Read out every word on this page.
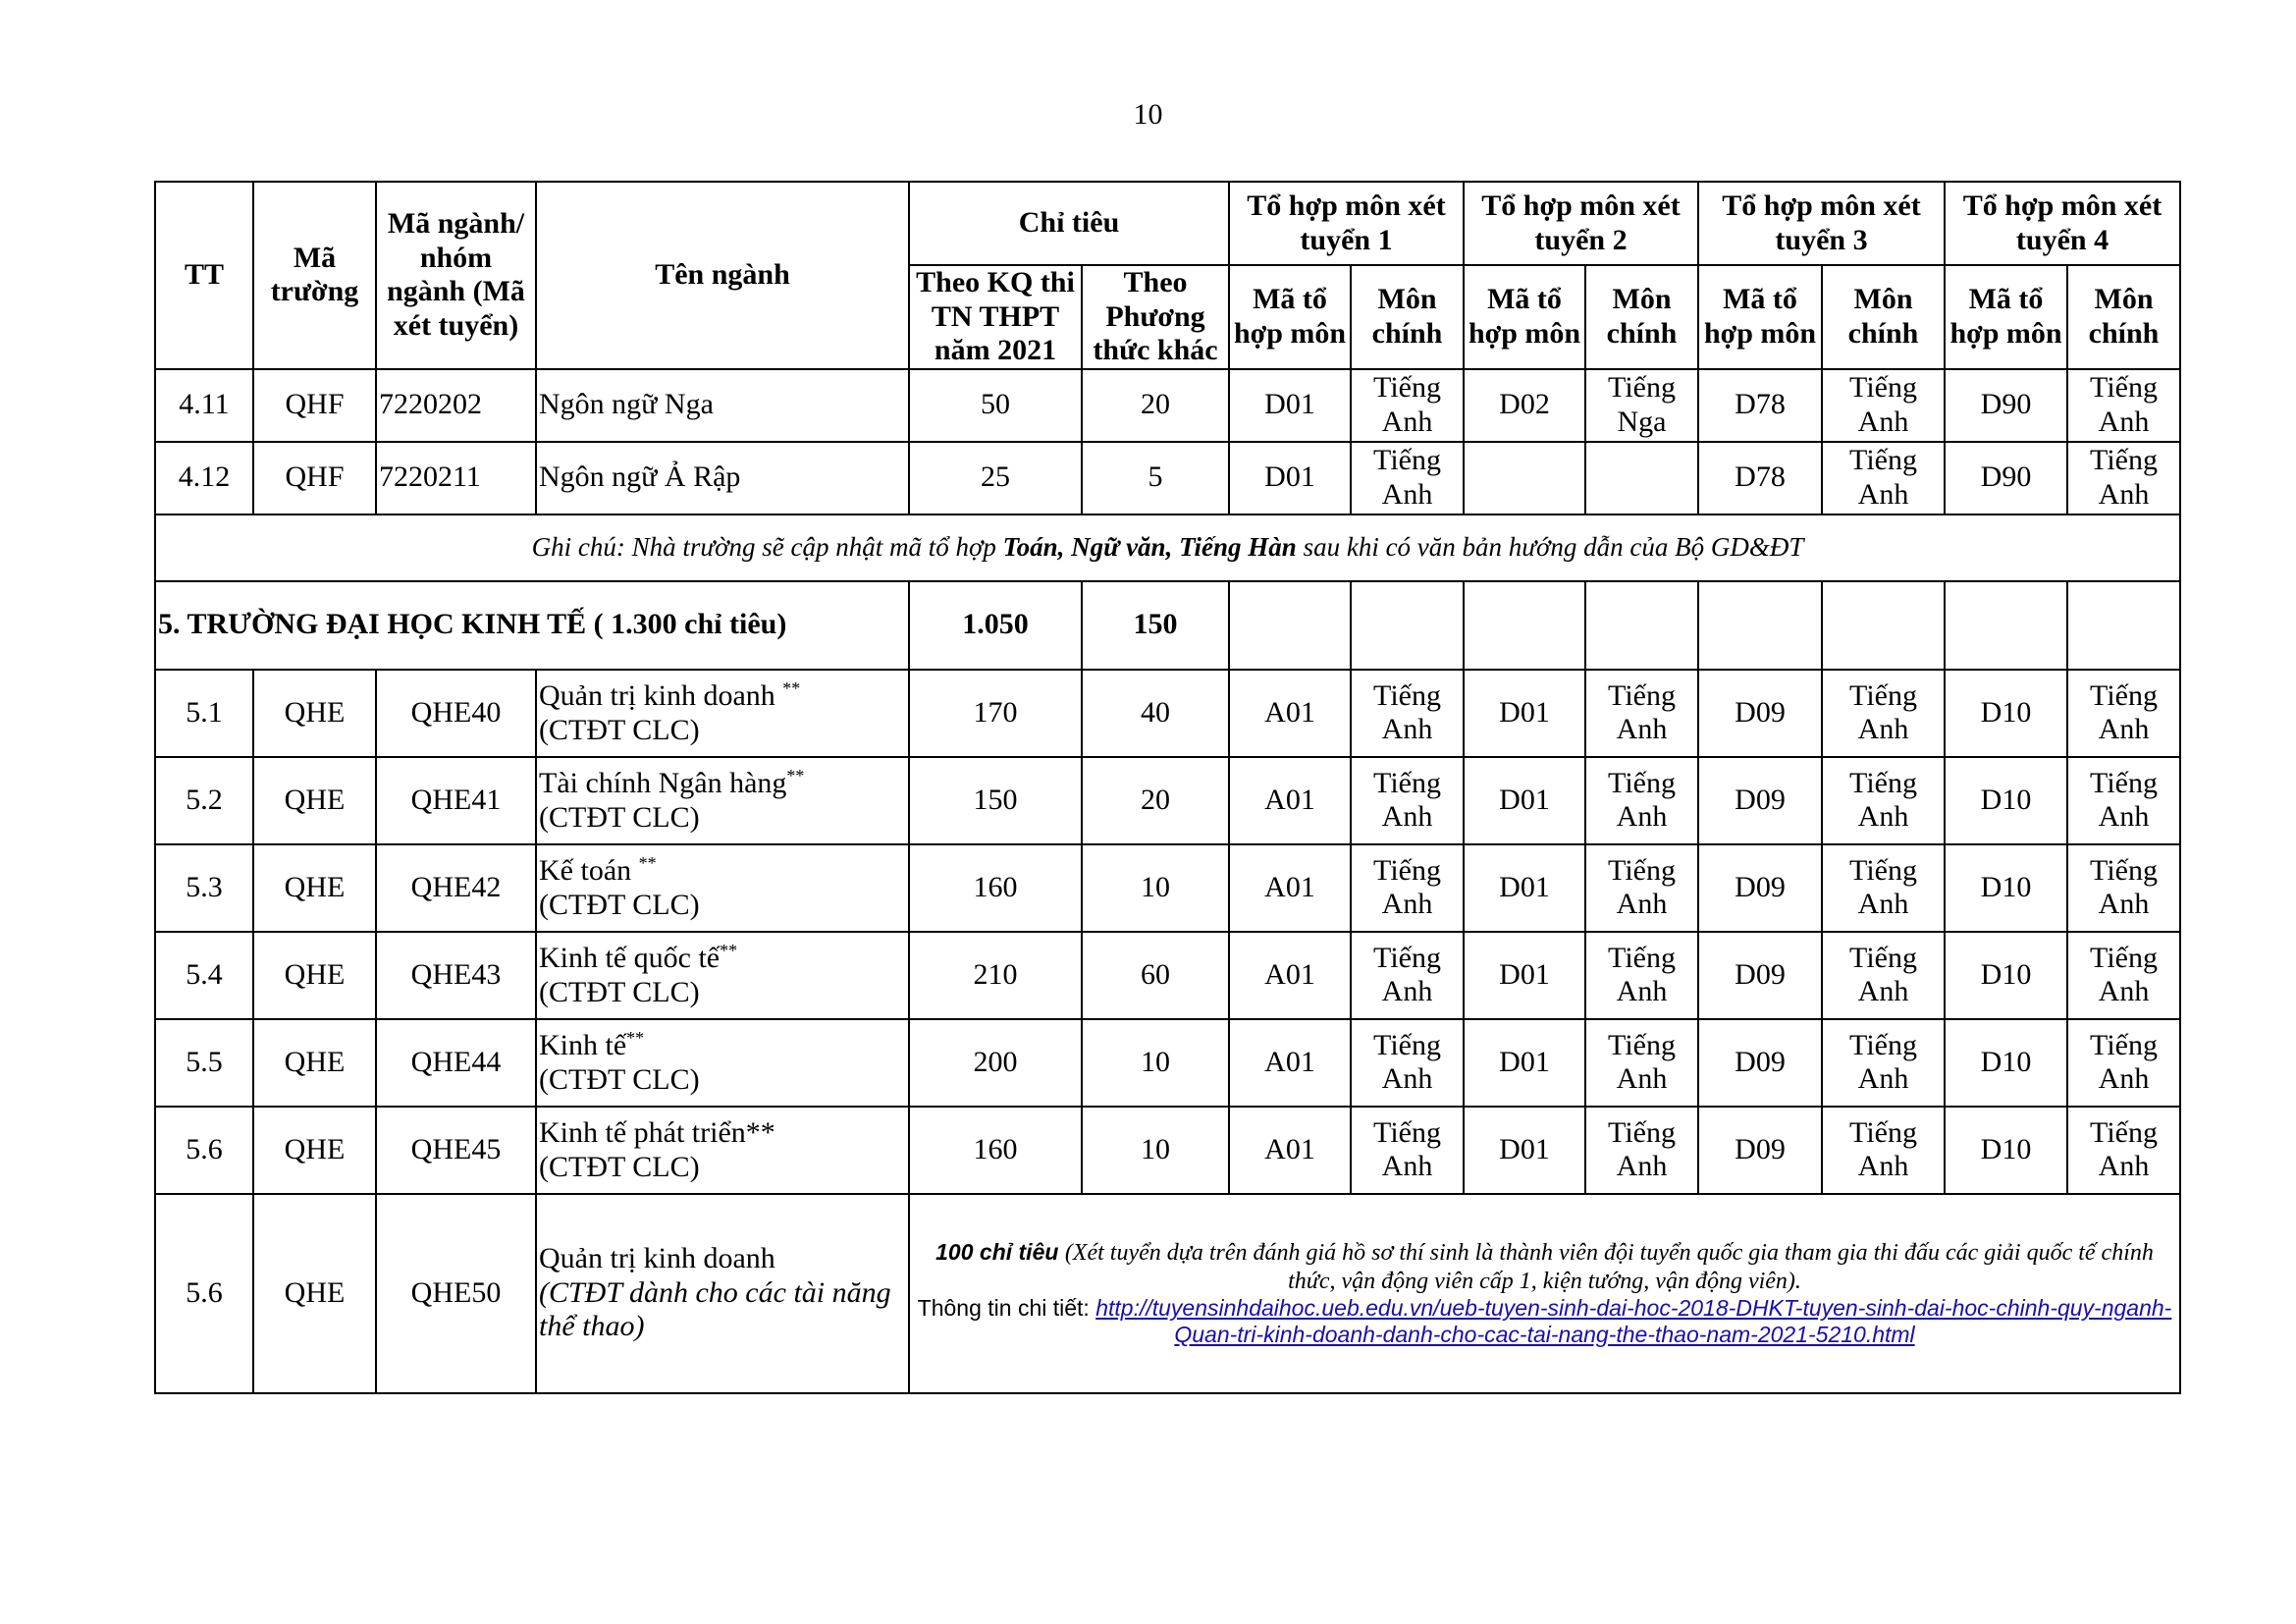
10
TT	Mã trường	Mã ngành/ nhóm ngành (Mã xét tuyển)	Tên ngành	Chỉ tiêu		Tổ hợp môn xét tuyển 1		Tổ hợp môn xét tuyển 2		Tổ hợp môn xét tuyển 3		Tổ hợp môn xét tuyển 4	
				Theo KQ thi TN THPT năm 2021	Theo Phương thức khác	Mã tổ hợp môn	Môn chính	Mã tổ hợp môn	Môn chính	Mã tổ hợp môn	Môn chính	Mã tổ hợp môn	Môn chính
4.11	QHF	7220202	Ngôn ngữ Nga	50	20	D01	Tiếng Anh	D02	Tiếng Nga	D78	Tiếng Anh	D90	Tiếng Anh
4.12	QHF	7220211	Ngôn ngữ Ả Rập	25	5	D01	Tiếng Anh			D78	Tiếng Anh	D90	Tiếng Anh
Ghi chú: Nhà trường sẽ cập nhật mã tổ hợp Toán, Ngữ văn, Tiếng Hàn sau khi có văn bản hướng dẫn của Bộ GD&ĐT													
5. TRƯỜNG ĐẠI HỌC KINH TẾ ( 1.300 chỉ tiêu)				1.050	150								
5.1	QHE	QHE40	Quản trị kinh doanh **
(CTĐT CLC)	170	40	A01	Tiếng Anh	D01	Tiếng Anh	D09	Tiếng Anh	D10	Tiếng Anh
5.2	QHE	QHE41	Tài chính Ngân hàng**
(CTĐT CLC)	150	20	A01	Tiếng Anh	D01	Tiếng Anh	D09	Tiếng Anh	D10	Tiếng Anh
5.3	QHE	QHE42	Kế toán **
(CTĐT CLC)	160	10	A01	Tiếng Anh	D01	Tiếng Anh	D09	Tiếng Anh	D10	Tiếng Anh
5.4	QHE	QHE43	Kinh tế quốc tế**
(CTĐT CLC)	210	60	A01	Tiếng Anh	D01	Tiếng Anh	D09	Tiếng Anh	D10	Tiếng Anh
5.5	QHE	QHE44	Kinh tế**
(CTĐT CLC)	200	10	A01	Tiếng Anh	D01	Tiếng Anh	D09	Tiếng Anh	D10	Tiếng Anh
5.6	QHE	QHE45	Kinh tế phát triển**
(CTĐT CLC)	160	10	A01	Tiếng Anh	D01	Tiếng Anh	D09	Tiếng Anh	D10	Tiếng Anh
5.6	QHE	QHE50	Quản trị kinh doanh
(CTĐT dành cho các tài năng thể thao)	100 chỉ tiêu (Xét tuyển dựa trên đánh giá hồ sơ thí sinh là thành viên đội tuyển quốc gia tham gia thi đấu các giải quốc tế chính thức, vận động viên cấp 1, kiện tướng, vận động viên).
Thông tin chi tiết: http://tuyensinhdaihoc.ueb.edu.vn/ueb-tuyen-sinh-dai-hoc-2018-DHKT-tuyen-sinh-dai-hoc-chinh-quy-nganh-Quan-tri-kinh-doanh-danh-cho-cac-tai-nang-the-thao-nam-2021-5210.html									
